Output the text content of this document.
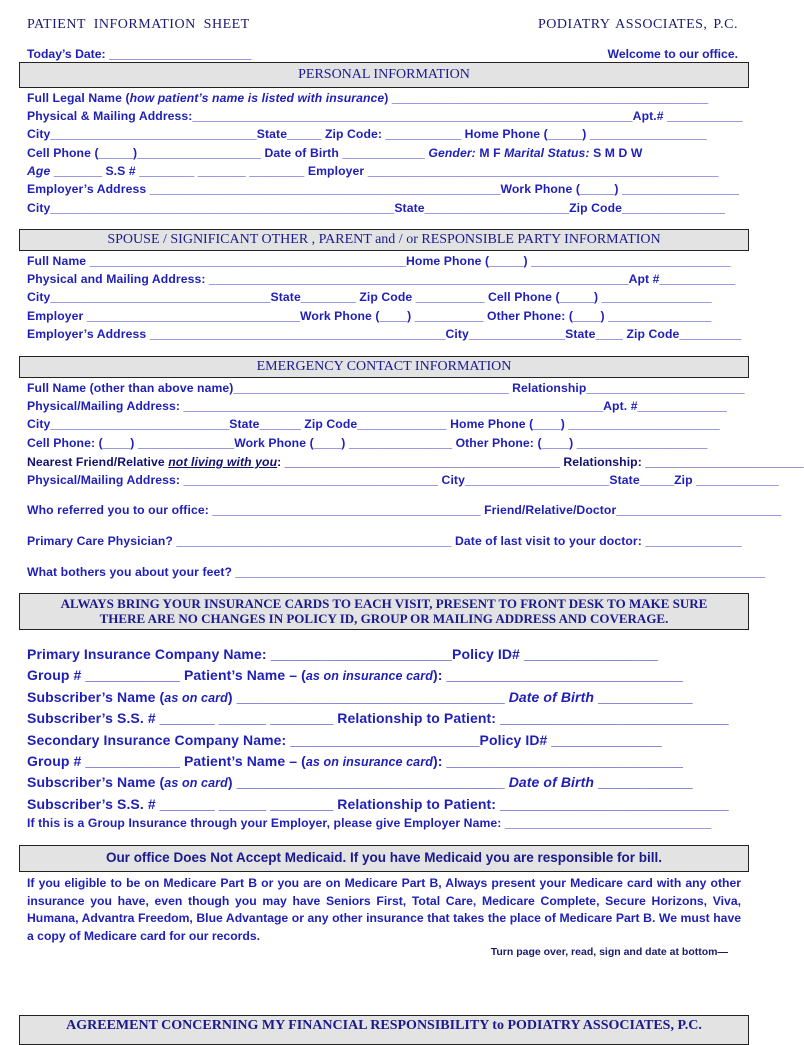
PATIENT INFORMATION SHEET	PODIATRY ASSOCIATES, P.C.
Today’s Date: _____________________	Welcome to our office.
PERSONAL INFORMATION
Full Legal Name (how patient’s name is listed with insurance) ______________________________________________
Physical & Mailing Address:________________________________________________________________Apt.# ___________
City______________________________State_____ Zip Code: ___________ Home Phone (_____) _________________
Cell Phone (_____)__________________ Date of Birth ____________ Gender: M F Marital Status: S M D W
Age _______ S.S # ________ _______ ________ Employer ___________________________________________________
Employer’s Address ___________________________________________________Work Phone (_____) _________________
City__________________________________________________State_____________________Zip Code_______________
SPOUSE / SIGNIFICANT OTHER , PARENT and / or RESPONSIBLE PARTY INFORMATION
Full Name ______________________________________________Home Phone (_____) _____________________________
Physical and Mailing Address: _____________________________________________________________Apt #___________
City________________________________State________ Zip Code __________ Cell Phone (_____) ________________
Employer _______________________________Work Phone (____) __________ Other Phone: (____) _______________
Employer’s Address ___________________________________________City______________State____ Zip Code_________
EMERGENCY CONTACT INFORMATION
Full Name (other than above name)________________________________________ Relationship_______________________
Physical/Mailing Address: _____________________________________________________________Apt. #_____________
City__________________________State______ Zip Code_____________ Home Phone (____) ______________________
Cell Phone: (____) ______________Work Phone (____) _______________ Other Phone: (____) ___________________
Nearest Friend/Relative not living with you: ________________________________________ Relationship: _______________________
Physical/Mailing Address: _____________________________________ City_____________________State_____Zip ____________
Who referred you to our office: _______________________________________ Friend/Relative/Doctor________________________
Primary Care Physician? ________________________________________ Date of last visit to your doctor: ______________
What bothers you about your feet? _____________________________________________________________________________
ALWAYS BRING YOUR INSURANCE CARDS TO EACH VISIT, PRESENT TO FRONT DESK TO MAKE SURE THERE ARE NO CHANGES IN POLICY ID, GROUP OR MAILING ADDRESS AND COVERAGE.
Primary Insurance Company Name: _______________________Policy ID# _________________
Group # ____________ Patient’s Name – (as on insurance card): ______________________________
Subscriber’s Name (as on card) __________________________________ Date of Birth ____________
Subscriber’s S.S. # _______ ______ ________ Relationship to Patient: _____________________________
Secondary Insurance Company Name: ________________________Policy ID# ______________
Group # ____________ Patient’s Name – (as on insurance card): ______________________________
Subscriber’s Name (as on card) __________________________________ Date of Birth ____________
Subscriber’s S.S. # _______ ______ ________ Relationship to Patient: _____________________________
If this is a Group Insurance through your Employer, please give Employer Name: ______________________________
Our office Does Not Accept Medicaid. If you have Medicaid you are responsible for bill.
If you eligible to be on Medicare Part B or you are on Medicare Part B, Always present your Medicare card with any other insurance you have, even though you may have Seniors First, Total Care, Medicare Complete, Secure Horizons, Viva, Humana, Advantra Freedom, Blue Advantage or any other insurance that takes the place of Medicare Part B. We must have a copy of Medicare card for our records.
Turn page over, read, sign and date at bottom—
AGREEMENT CONCERNING MY FINANCIAL RESPONSIBILITY to PODIATRY ASSOCIATES, P.C.
